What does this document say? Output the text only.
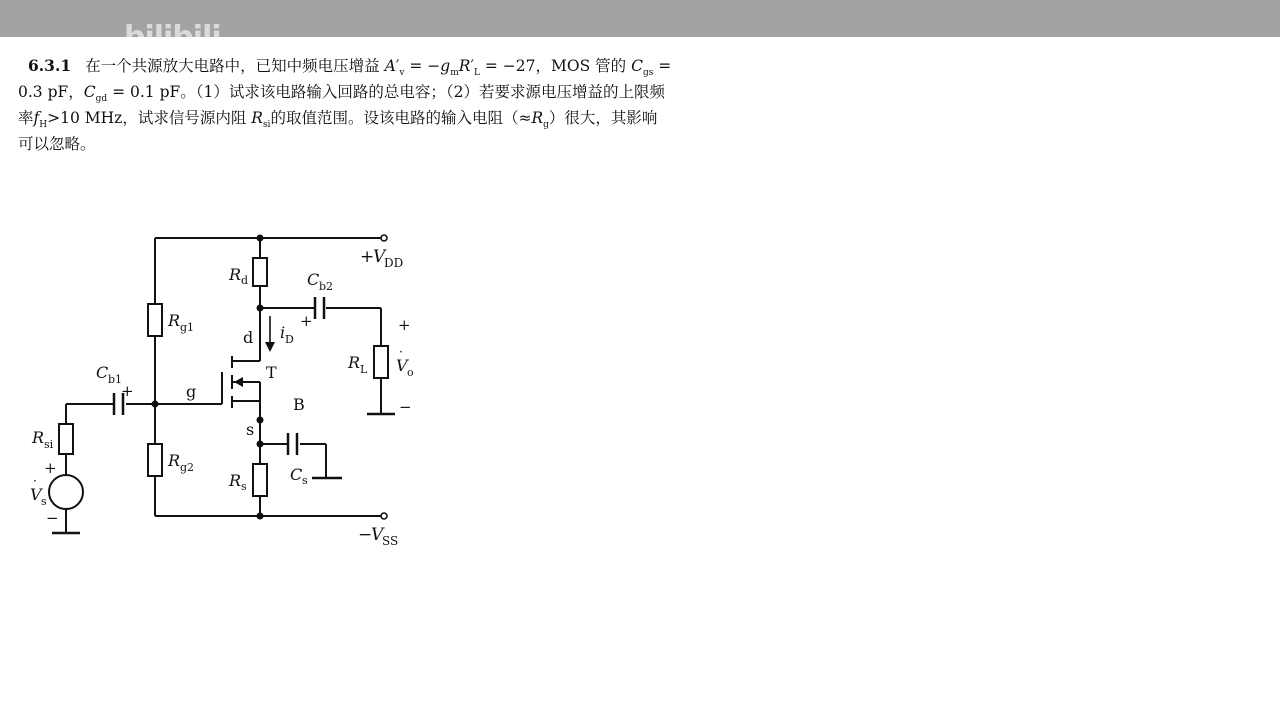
bilibili
6.3.1 在一个共源放大电路中，已知中频电压增益 $A'_v = -g_mR'_L = -27$，MOS 管的 $C_{gs}$ =
0.3 pF，$C_{gd} = 0.1$ pF。（1）试求该电路输入回路的总电容；（2）若要求源电压增益的上限频
率$f_H>10$ MHz，试求信号源内阻 $R_{si}$的取值范围。设该电路的输入电阻$(\approx R_g)$很大，其影响
可以忽略。
+
V
DD
−
V
SS
R d
R g1
R g2
R s
R si
R L
C b1
C b2
C s
i D
V o
·
V s
·
d
g
s
T
B
+
+	+
−
+
−
